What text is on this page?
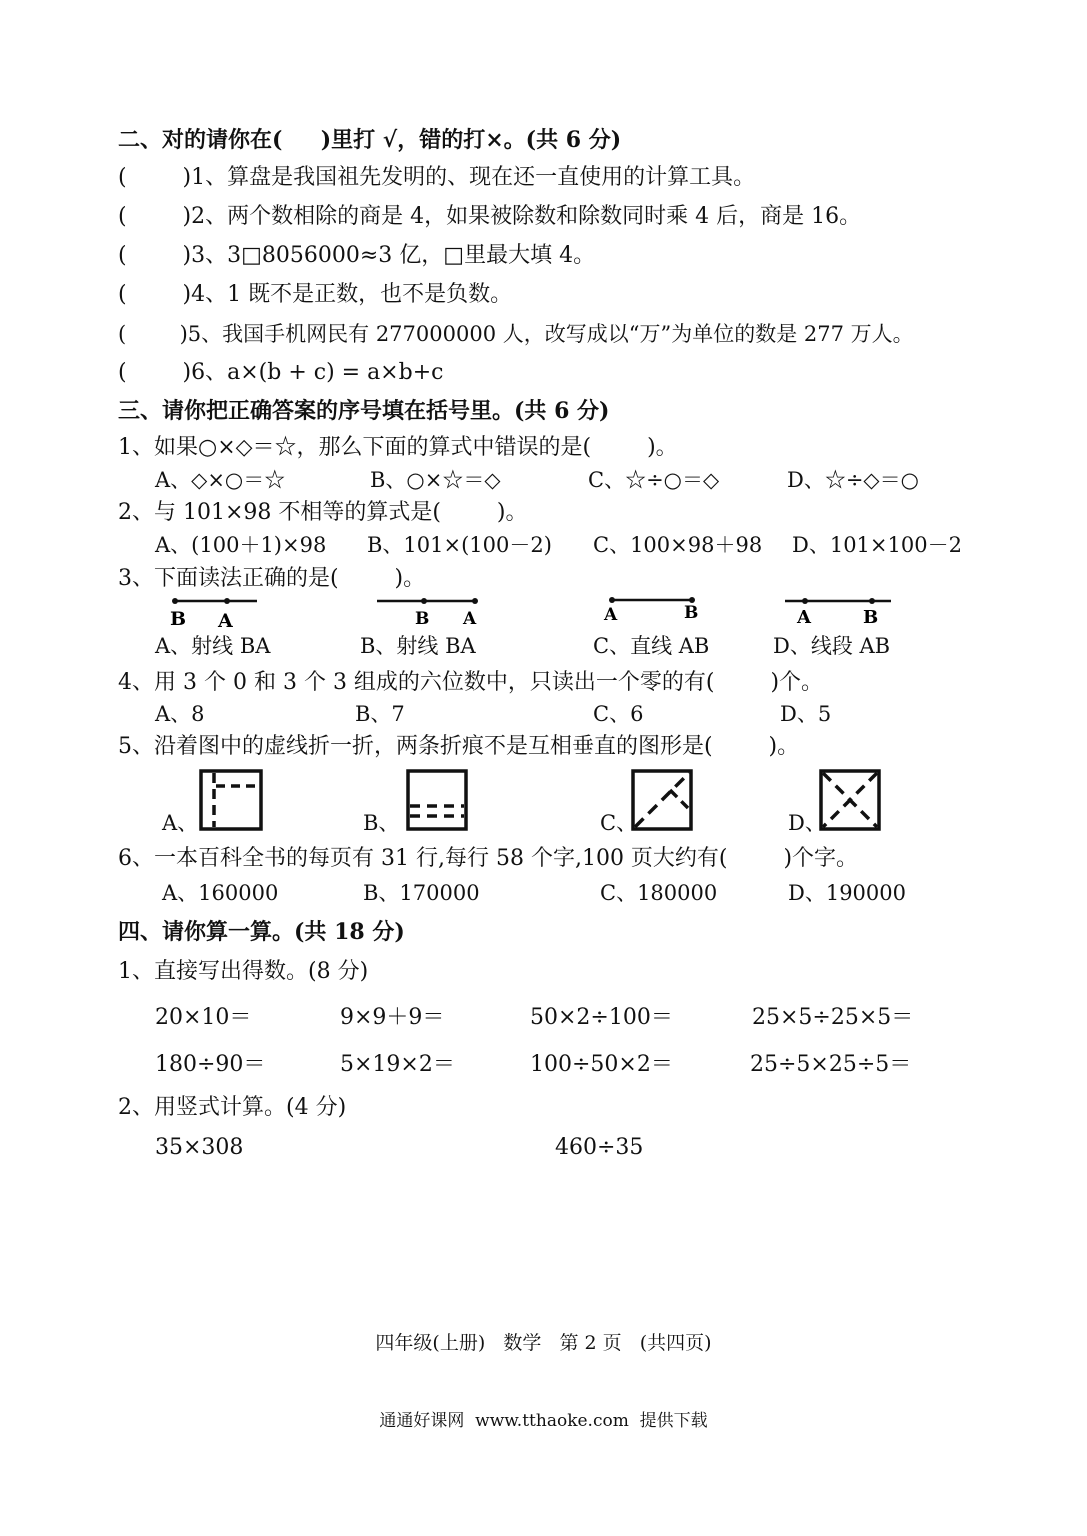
二、对的请你在(     )里打 √，错的打×。(共 6 分)
(        )1、算盘是我国祖先发明的、现在还一直使用的计算工具。
(        )2、两个数相除的商是 4，如果被除数和除数同时乘 4 后，商是 16。
(        )3、3□8056000≈3 亿，□里最大填 4。
(        )4、1 既不是正数，也不是负数。
(        )5、我国手机网民有 277000000 人，改写成以“万”为单位的数是 277 万人。
(        )6、a×(b + c) = a×b+c
三、请你把正确答案的序号填在括号里。(共 6 分)
1、如果○×◇＝☆，那么下面的算式中错误的是(        )。
A、◇×○＝☆	B、○×☆＝◇	C、☆÷○＝◇	D、☆÷◇＝○
2、与 101×98 不相等的算式是(        )。
A、(100＋1)×98 B、101×(100－2) C、100×98＋98 D、101×100－2
3、下面读法正确的是(        )。
B A	B A	A	B	A	B
A、射线 BA	B、射线 BA	C、直线 AB	D、线段 AB
4、用 3 个 0 和 3 个 3 组成的六位数中，只读出一个零的有(        )个。
A、8	B、7	C、6	D、5
5、沿着图中的虚线折一折，两条折痕不是互相垂直的图形是(        )。
A、	B、	C、	D、
6、一本百科全书的每页有 31 行,每行 58 个字,100 页大约有(        )个字。
A、160000	B、170000	C、180000	D、190000
四、请你算一算。(共 18 分)
1、直接写出得数。(8 分)
20×10＝	9×9＋9＝	50×2÷100＝	25×5÷25×5＝
180÷90＝	5×19×2＝	100÷50×2＝	25÷5×25÷5＝
2、用竖式计算。(4 分)
35×308	460÷35
四年级(上册)   数学   第 2 页   (共四页)
通通好课网  www.tthaoke.com  提供下载
